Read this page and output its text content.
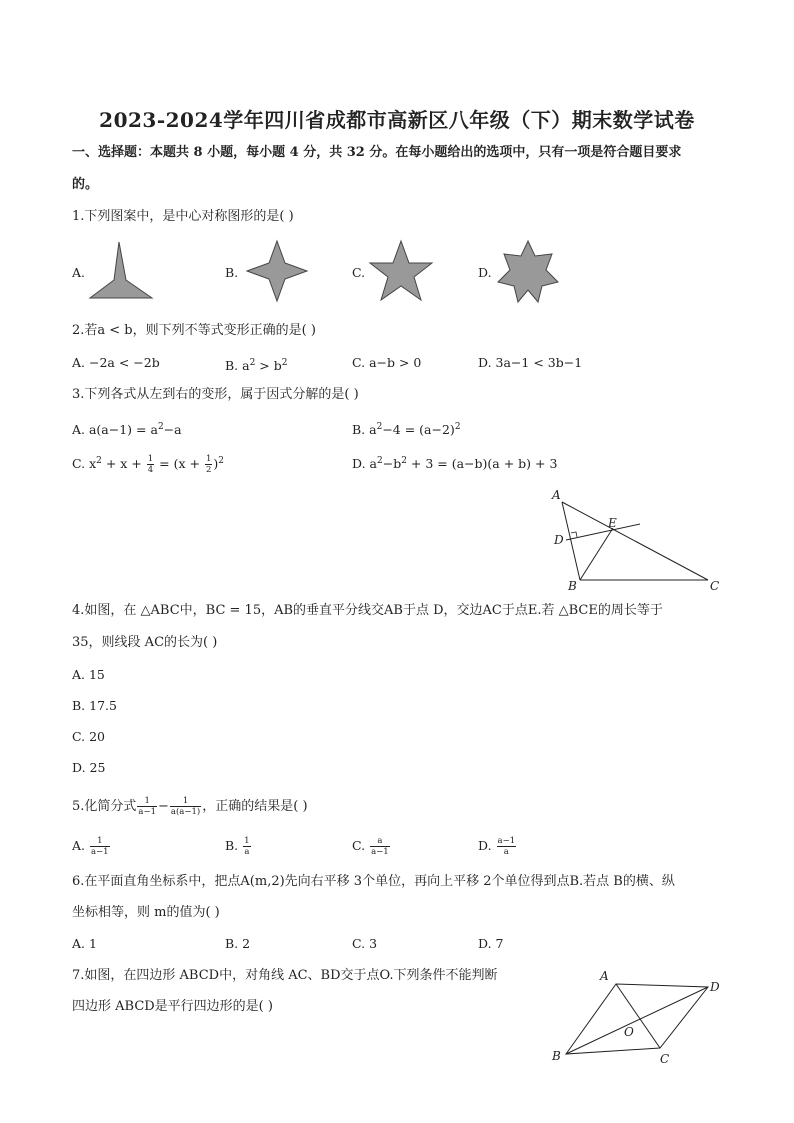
2023-2024学年四川省成都市高新区八年级（下）期末数学试卷
一、选择题：本题共 8 小题，每小题 4 分，共 32 分。在每小题给出的选项中，只有一项是符合题目要求
的。
1.下列图案中，是中心对称图形的是( )
A.	B.	C.	D.
2.若a < b，则下列不等式变形正确的是( )
A. −2a < −2b	B. $a^2 > b^2$	C. a−b > 0	D. 3a−1 < 3b−1
3.下列各式从左到右的变形，属于因式分解的是( )
A. $a(a-1) = a^2-a$	B. $a^2-4 = (a-2)^2$
C. $x^2 + x + \frac{1}{4} = (x + \frac{1}{2} )^2$	D. $a^2-b^2 + 3 = (a-b)(a + b) + 3$
A
D
E
B	C
4.如图，在 △ABC中，BC = 15，AB的垂直平分线交AB于点 D，交边AC于点E.若 △BCE的周长等于
35，则线段 AC的长为( )
A. 15
B. 17.5
C. 20
D. 25
5.化简分式 $\frac{1}{a-1} - \frac{1}{a(a-1)}$ ，正确的结果是( )
A. $\frac{1}{a-1}$	B. $\frac{1}{a}$	C. $\frac{a}{a-1}$	D. $\frac{a-1}{a}$
6.在平面直角坐标系中，把点A(m,2)先向右平移 3个单位，再向上平移 2个单位得到点B.若点 B的横、纵
坐标相等，则 m的值为( )
A. 1	B. 2	C. 3	D. 7
7.如图，在四边形 ABCD中，对角线 AC、BD交于点O.下列条件不能判断
四边形 ABCD是平行四边形的是( )
A
D
O
C
B
